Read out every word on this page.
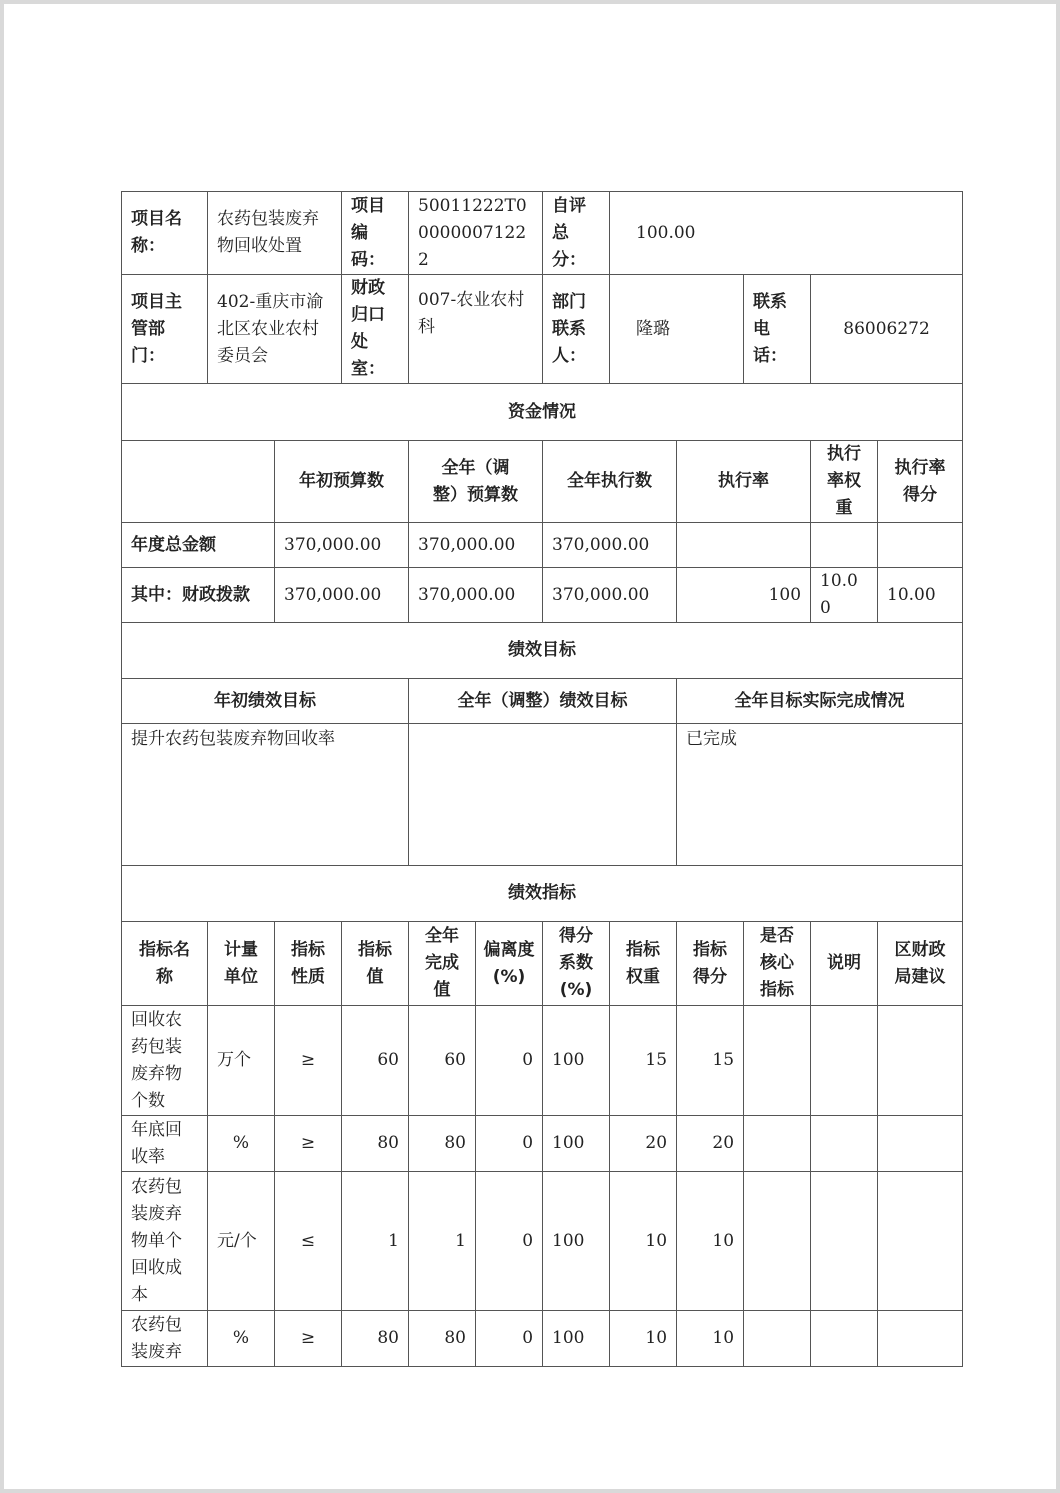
项目名称：	农药包装废弃物回收处置		项目编码：	50011222T000000071222		自评总分：	100.00				
项目主管部门：	402-重庆市渝北区农业农村委员会		财政归口处室：	007-农业农村科		部门联系人：	隆璐		联系电话：	86006272	
资金情况											
		年初预算数		全年（调整）预算数		全年执行数		执行率		执行率权重	执行率得分
年度总金额		370,000.00		370,000.00		370,000.00					
其中：财政拨款		370,000.00		370,000.00		370,000.00		100		10.00	10.00
绩效目标											
年初绩效目标				全年（调整）绩效目标				全年目标实际完成情况			
提升农药包装废弃物回收率								已完成			
绩效指标											
指标名称	计量单位	指标性质	指标值	全年完成值	偏离度(%)	得分系数(%)	指标权重	指标得分	是否核心指标	说明	区财政局建议
回收农药包装废弃物个数	万个	≥	60	60	0	100	15	15			
年底回收率	%	≥	80	80	0	100	20	20			
农药包装废弃物单个回收成本	元/个	≤	1	1	0	100	10	10			
农药包装废弃	%	≥	80	80	0	100	10	10			
